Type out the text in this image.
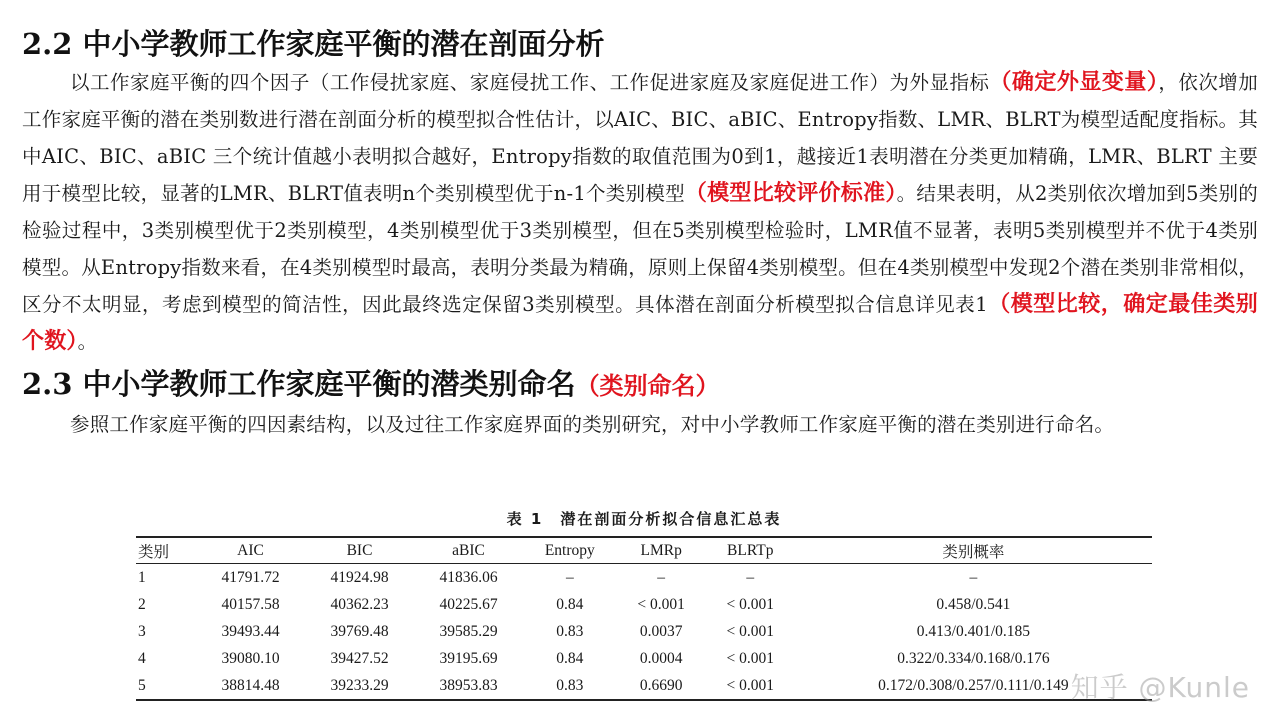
2.2 中小学教师工作家庭平衡的潜在剖面分析

以工作家庭平衡的四个因子（工作侵扰家庭、家庭侵扰工作、工作促进家庭及家庭促进工作）为外显指标（确定外显变量），依次增加工作家庭平衡的潜在类别数进行潜在剖面分析的模型拟合性估计，以AIC、BIC、aBIC、Entropy指数、LMR、BLRT为模型适配度指标。其中AIC、BIC、aBIC 三个统计值越小表明拟合越好，Entropy指数的取值范围为0到1，越接近1表明潜在分类更加精确，LMR、BLRT 主要用于模型比较，显著的LMR、BLRT值表明n个类别模型优于n-1个类别模型（模型比较评价标准）。结果表明，从2类别依次增加到5类别的检验过程中，3类别模型优于2类别模型，4类别模型优于3类别模型，但在5类别模型检验时，LMR值不显著，表明5类别模型并不优于4类别模型。从Entropy指数来看，在4类别模型时最高，表明分类最为精确，原则上保留4类别模型。但在4类别模型中发现2个潜在类别非常相似，区分不太明显，考虑到模型的简洁性，因此最终选定保留3类别模型。具体潜在剖面分析模型拟合信息详见表1（模型比较，确定最佳类别个数）。

2.3 中小学教师工作家庭平衡的潜类别命名（类别命名）

参照工作家庭平衡的四因素结构，以及过往工作家庭界面的类别研究，对中小学教师工作家庭平衡的潜在类别进行命名。

表 1　潜在剖面分析拟合信息汇总表
类别	AIC	BIC	aBIC	Entropy	LMRp	BLRTp	类别概率
1	41791.72	41924.98	41836.06	–	–	–	–
2	40157.58	40362.23	40225.67	0.84	< 0.001	< 0.001	0.458/0.541
3	39493.44	39769.48	39585.29	0.83	0.0037	< 0.001	0.413/0.401/0.185
4	39080.10	39427.52	39195.69	0.84	0.0004	< 0.001	0.322/0.334/0.168/0.176
5	38814.48	39233.29	38953.83	0.83	0.6690	< 0.001	0.172/0.308/0.257/0.111/0.149 知乎 @Kunle
